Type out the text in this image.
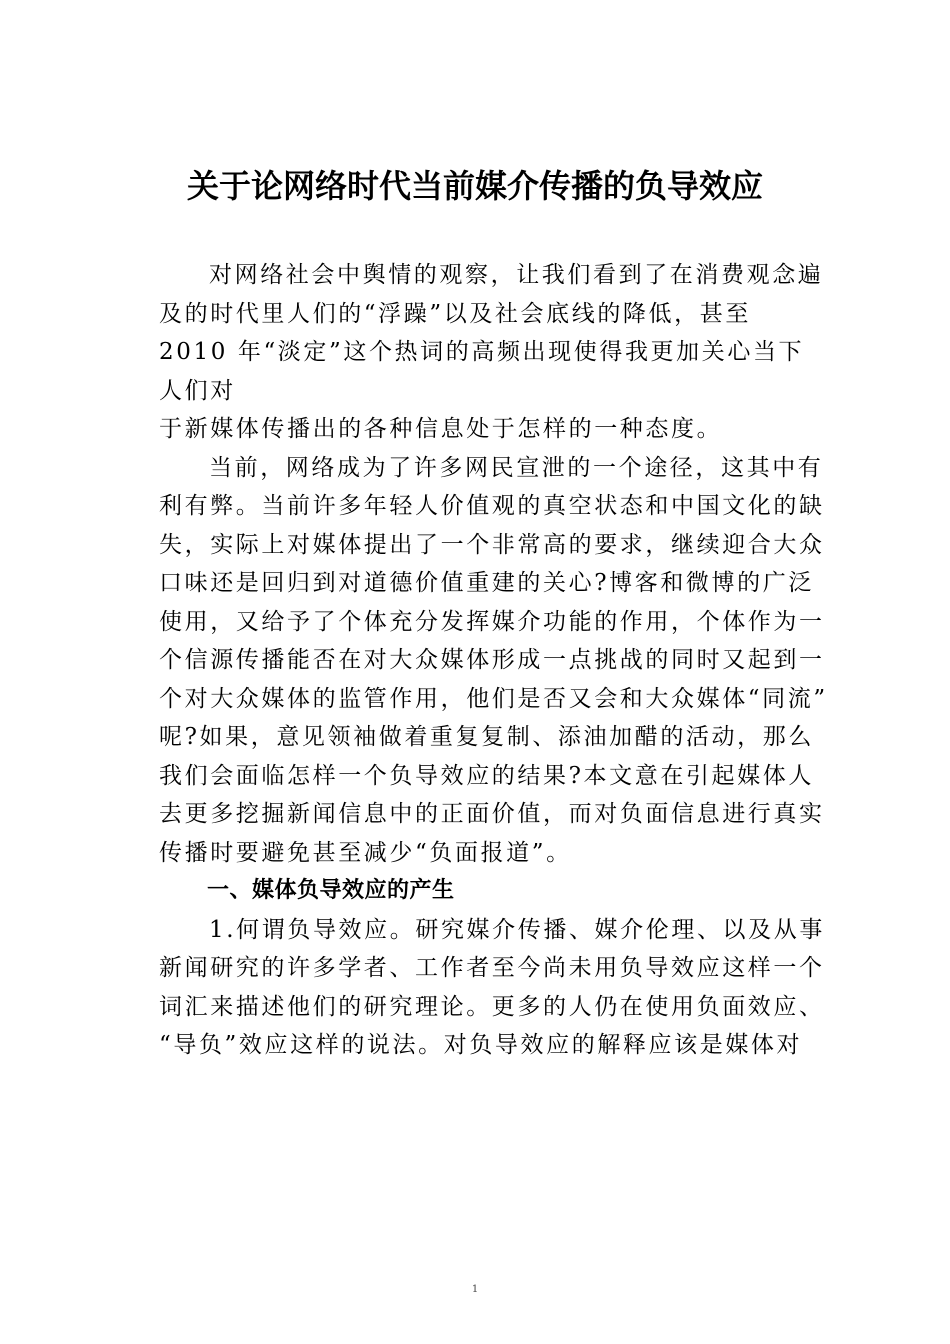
关于论网络时代当前媒介传播的负导效应

对网络社会中舆情的观察，让我们看到了在消费观念遍
及的时代里人们的“浮躁”以及社会底线的降低，甚至
2010 年“淡定”这个热词的高频出现使得我更加关心当下
人们对
于新媒体传播出的各种信息处于怎样的一种态度。

当前，网络成为了许多网民宣泄的一个途径，这其中有
利有弊。当前许多年轻人价值观的真空状态和中国文化的缺
失，实际上对媒体提出了一个非常高的要求，继续迎合大众
口味还是回归到对道德价值重建的关心?博客和微博的广泛
使用，又给予了个体充分发挥媒介功能的作用，个体作为一
个信源传播能否在对大众媒体形成一点挑战的同时又起到一
个对大众媒体的监管作用，他们是否又会和大众媒体“同流”
呢?如果，意见领袖做着重复复制、添油加醋的活动，那么
我们会面临怎样一个负导效应的结果?本文意在引起媒体人
去更多挖掘新闻信息中的正面价值，而对负面信息进行真实
传播时要避免甚至减少“负面报道”。

一、媒体负导效应的产生

1.何谓负导效应。研究媒介传播、媒介伦理、以及从事
新闻研究的许多学者、工作者至今尚未用负导效应这样一个
词汇来描述他们的研究理论。更多的人仍在使用负面效应、
“导负”效应这样的说法。对负导效应的解释应该是媒体对

1
